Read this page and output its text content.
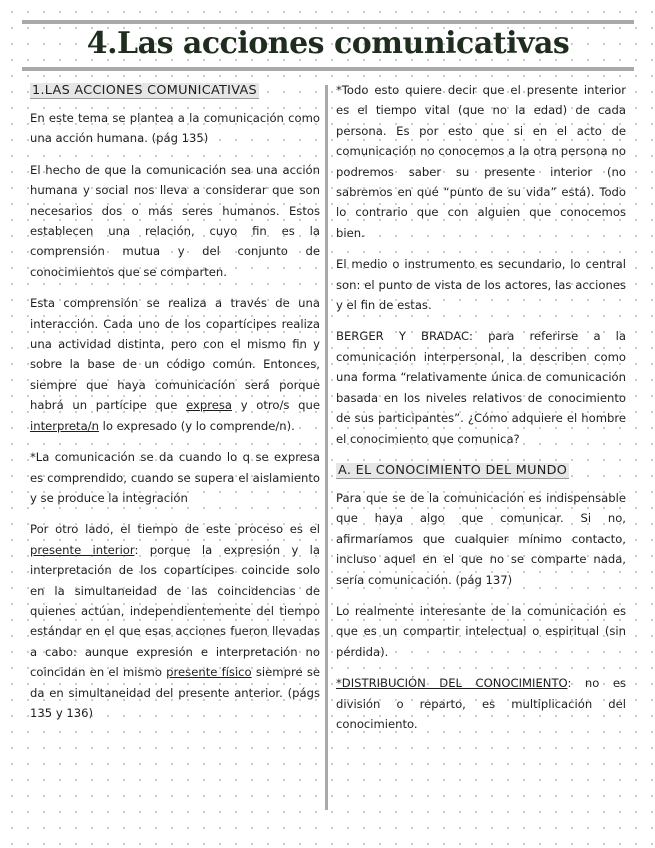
4.Las acciones comunicativas
1.LAS ACCIONES COMUNICATIVAS

En este tema se plantea a la comunicación como una acción humana. (pág 135)

El hecho de que la comunicación sea una acción humana y social nos lleva a considerar que son necesarios dos o más seres humanos. Estos establecen una relación, cuyo fin es la comprensión mutua y del conjunto de conocimientos que se comparten.

Esta comprensión se realiza a través de una interacción. Cada uno de los copartícipes realiza una actividad distinta, pero con el mismo fin y sobre la base de un código común. Entonces, siempre que haya comunicación será porque habrá un partícipe que expresa y otro/s que interpreta/n lo expresado (y lo comprende/n).

*La comunicación se da cuando lo q se expresa es comprendido, cuando se supera el aislamiento y se produce la integración

Por otro lado, el tiempo de este proceso es el presente interior: porque la expresión y la interpretación de los copartícipes coincide solo en la simultaneidad de las coincidencias de quienes actúan, independientemente del tiempo estándar en el que esas acciones fueron llevadas a cabo: aunque expresión e interpretación no coincidan en el mismo presente físico siempre se da en simultaneidad del presente anterior. (págs 135 y 136)

*Todo esto quiere decir que el presente interior es el tiempo vital (que no la edad) de cada persona. Es por esto que si en el acto de comunicación no conocemos a la otra persona no podremos saber su presente interior (no sabremos en qué “punto de su vida” está). Todo lo contrario que con alguien que conocemos bien.

El medio o instrumento es secundario, lo central son: el punto de vista de los actores, las acciones y el fin de estas.

BERGER Y BRADAC: para referirse a la comunicación interpersonal, la describen como una forma “relativamente única de comunicación basada en los niveles relativos de conocimiento de sus participantes”. ¿Cómo adquiere el hombre el conocimiento que comunica?

A. EL CONOCIMIENTO DEL MUNDO

Para que se de la comunicación es indispensable que haya algo que comunicar. Si no, afirmaríamos que cualquier mínimo contacto, incluso aquel en el que no se comparte nada, sería comunicación. (pág 137)

Lo realmente interesante de la comunicación es que es un compartir intelectual o espiritual (sin pérdida).

*DISTRIBUCIÓN DEL CONOCIMIENTO: no es división o reparto, es multiplicación del conocimiento.
